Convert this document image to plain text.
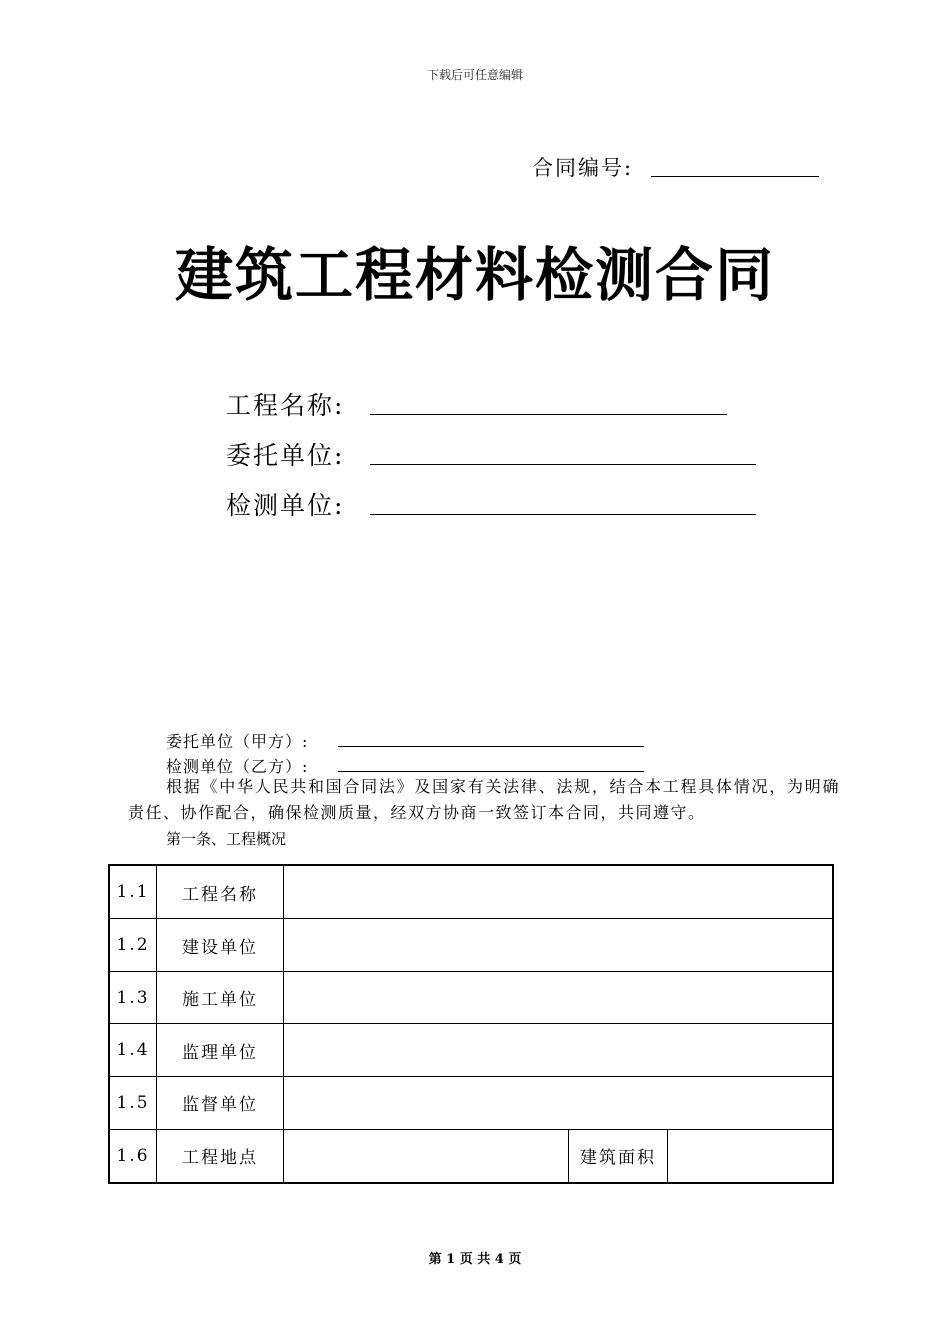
下载后可任意编辑
合同编号:
建筑工程材料检测合同
工程名称:
委托单位:
检测单位:
委托单位（甲方）:
检测单位（乙方）:
根据《中华人民共和国合同法》及国家有关法律、法规，结合本工程具体情况，为明确责任、协作配合，确保检测质量，经双方协商一致签订本合同，共同遵守。
第一条、工程概况
1.1	工程名称			
1.2	建设单位			
1.3	施工单位			
1.4	监理单位			
1.5	监督单位			
1.6	工程地点		建筑面积	
第 1 页 共 4 页
